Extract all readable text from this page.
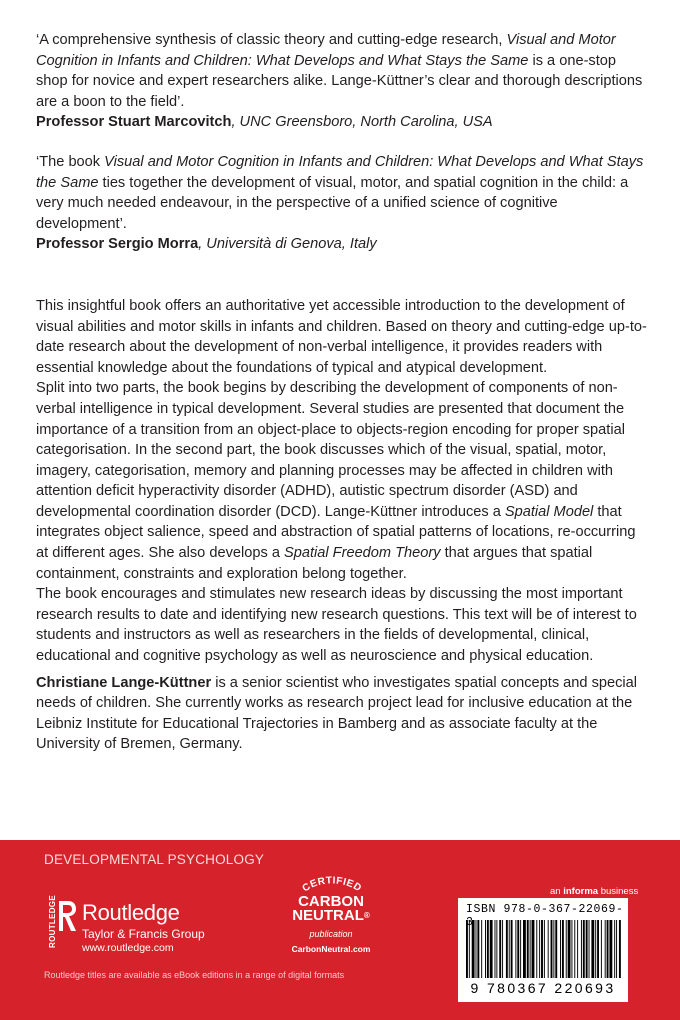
‘A comprehensive synthesis of classic theory and cutting-edge research, Visual and Motor Cognition in Infants and Children: What Develops and What Stays the Same is a one-stop shop for novice and expert researchers alike. Lange-Küttner’s clear and thorough descriptions are a boon to the field’.

Professor Stuart Marcovitch, UNC Greensboro, North Carolina, USA

‘The book Visual and Motor Cognition in Infants and Children: What Develops and What Stays the Same ties together the development of visual, motor, and spatial cognition in the child: a very much needed endeavour, in the perspective of a unified science of cognitive development’.

Professor Sergio Morra, Università di Genova, Italy

This insightful book offers an authoritative yet accessible introduction to the development of visual abilities and motor skills in infants and children. Based on theory and cutting-edge up-to-date research about the development of non-verbal intelligence, it provides readers with essential knowledge about the foundations of typical and atypical development.

Split into two parts, the book begins by describing the development of components of non-verbal intelligence in typical development. Several studies are presented that document the importance of a transition from an object-place to objects-region encoding for proper spatial categorisation. In the second part, the book discusses which of the visual, spatial, motor, imagery, categorisation, memory and planning processes may be affected in children with attention deficit hyperactivity disorder (ADHD), autistic spectrum disorder (ASD) and developmental coordination disorder (DCD). Lange-Küttner introduces a Spatial Model that integrates object salience, speed and abstraction of spatial patterns of locations, re-occurring at different ages. She also develops a Spatial Freedom Theory that argues that spatial containment, constraints and exploration belong together.

The book encourages and stimulates new research ideas by discussing the most important research results to date and identifying new research questions. This text will be of interest to students and instructors as well as researchers in the fields of developmental, clinical, educational and cognitive psychology as well as neuroscience and physical education.

Christiane Lange-Küttner is a senior scientist who investigates spatial concepts and special needs of children. She currently works as research project lead for inclusive education at the Leibniz Institute for Educational Trajectories in Bamberg and as associate faculty at the University of Bremen, Germany.

DEVELOPMENTAL PSYCHOLOGY
ROUTLEDGE Routledge
Taylor & Francis Group
www.routledge.com
Routledge titles are available as eBook editions in a range of digital formats
CERTIFIED
CARBON
NEUTRAL®
publication
CarbonNeutral.com
an informa business
ISBN 978-0-367-22069-
9 780367 220693
